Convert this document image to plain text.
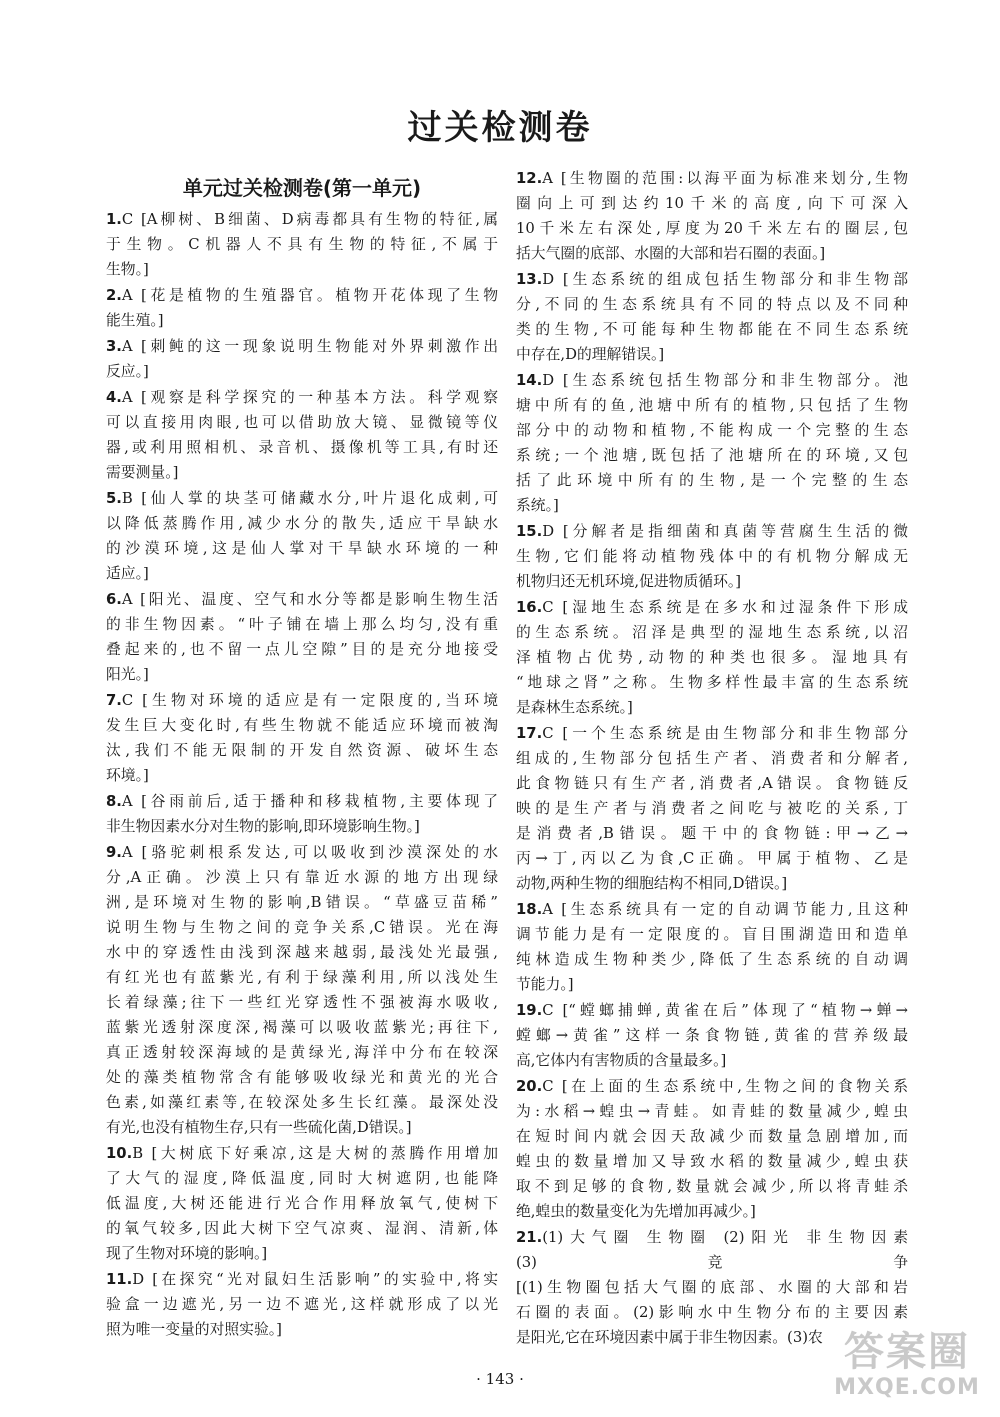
过关检测卷
单元过关检测卷(第一单元)
1.C [A柳树、B细菌、D病毒都具有生物的特征,属
于生物。C机器人不具有生物的特征,不属于
生物。]
2.A [花是植物的生殖器官。植物开花体现了生物
能生殖。]
3.A [刺鲀的这一现象说明生物能对外界刺激作出
反应。]
4.A [观察是科学探究的一种基本方法。科学观察
可以直接用肉眼,也可以借助放大镜、显微镜等仪
器,或利用照相机、录音机、摄像机等工具,有时还
需要测量。]
5.B [仙人掌的块茎可储藏水分,叶片退化成刺,可
以降低蒸腾作用,减少水分的散失,适应干旱缺水
的沙漠环境,这是仙人掌对干旱缺水环境的一种
适应。]
6.A [阳光、温度、空气和水分等都是影响生物生活
的非生物因素。“叶子铺在墙上那么均匀,没有重
叠起来的,也不留一点儿空隙”目的是充分地接受
阳光。]
7.C [生物对环境的适应是有一定限度的,当环境
发生巨大变化时,有些生物就不能适应环境而被淘
汰,我们不能无限制的开发自然资源、破坏生态
环境。]
8.A [谷雨前后,适于播种和移栽植物,主要体现了
非生物因素水分对生物的影响,即环境影响生物。]
9.A [骆驼刺根系发达,可以吸收到沙漠深处的水
分,A正确。沙漠上只有靠近水源的地方出现绿
洲,是环境对生物的影响,B错误。“草盛豆苗稀”
说明生物与生物之间的竞争关系,C错误。光在海
水中的穿透性由浅到深越来越弱,最浅处光最强,
有红光也有蓝紫光,有利于绿藻利用,所以浅处生
长着绿藻;往下一些红光穿透性不强被海水吸收,
蓝紫光透射深度深,褐藻可以吸收蓝紫光;再往下,
真正透射较深海域的是黄绿光,海洋中分布在较深
处的藻类植物常含有能够吸收绿光和黄光的光合
色素,如藻红素等,在较深处多生长红藻。最深处没
有光,也没有植物生存,只有一些硫化菌,D错误。]
10.B [大树底下好乘凉,这是大树的蒸腾作用增加
了大气的湿度,降低温度,同时大树遮阴,也能降
低温度,大树还能进行光合作用释放氧气,使树下
的氧气较多,因此大树下空气凉爽、湿润、清新,体
现了生物对环境的影响。]
11.D [在探究“光对鼠妇生活影响”的实验中,将实
验盒一边遮光,另一边不遮光,这样就形成了以光
照为唯一变量的对照实验。]
12.A [生物圈的范围:以海平面为标准来划分,生物
圈向上可到达约10千米的高度,向下可深入
10千米左右深处,厚度为20千米左右的圈层,包
括大气圈的底部、水圈的大部和岩石圈的表面。]
13.D [生态系统的组成包括生物部分和非生物部
分,不同的生态系统具有不同的特点以及不同种
类的生物,不可能每种生物都能在不同生态系统
中存在,D的理解错误。]
14.D [生态系统包括生物部分和非生物部分。池
塘中所有的鱼,池塘中所有的植物,只包括了生物
部分中的动物和植物,不能构成一个完整的生态
系统;一个池塘,既包括了池塘所在的环境,又包
括了此环境中所有的生物,是一个完整的生态
系统。]
15.D [分解者是指细菌和真菌等营腐生生活的微
生物,它们能将动植物残体中的有机物分解成无
机物归还无机环境,促进物质循环。]
16.C [湿地生态系统是在多水和过湿条件下形成
的生态系统。沼泽是典型的湿地生态系统,以沼
泽植物占优势,动物的种类也很多。湿地具有
“地球之肾”之称。生物多样性最丰富的生态系统
是森林生态系统。]
17.C [一个生态系统是由生物部分和非生物部分
组成的,生物部分包括生产者、消费者和分解者,
此食物链只有生产者,消费者,A错误。食物链反
映的是生产者与消费者之间吃与被吃的关系,丁
是消费者,B错误。题干中的食物链:甲→乙→
丙→丁,丙以乙为食,C正确。甲属于植物、乙是
动物,两种生物的细胞结构不相同,D错误。]
18.A [生态系统具有一定的自动调节能力,且这种
调节能力是有一定限度的。盲目围湖造田和造单
纯林造成生物种类少,降低了生态系统的自动调
节能力。]
19.C [“螳螂捕蝉,黄雀在后”体现了“植物→蝉→
螳螂→黄雀”这样一条食物链,黄雀的营养级最
高,它体内有害物质的含量最多。]
20.C [在上面的生态系统中,生物之间的食物关系
为:水稻→蝗虫→青蛙。如青蛙的数量减少,蝗虫
在短时间内就会因天敌减少而数量急剧增加,而
蝗虫的数量增加又导致水稻的数量减少,蝗虫获
取不到足够的食物,数量就会减少,所以将青蛙杀
绝,蝗虫的数量变化为先增加再减少。]
21.(1)大气圈 生物圈 (2)阳光 非生物因素
(3)竞争
[(1)生物圈包括大气圈的底部、水圈的大部和岩
石圈的表面。(2)影响水中生物分布的主要因素
是阳光,它在环境因素中属于非生物因素。(3)农
· 143 ·
答案圈
MXQE.COM
